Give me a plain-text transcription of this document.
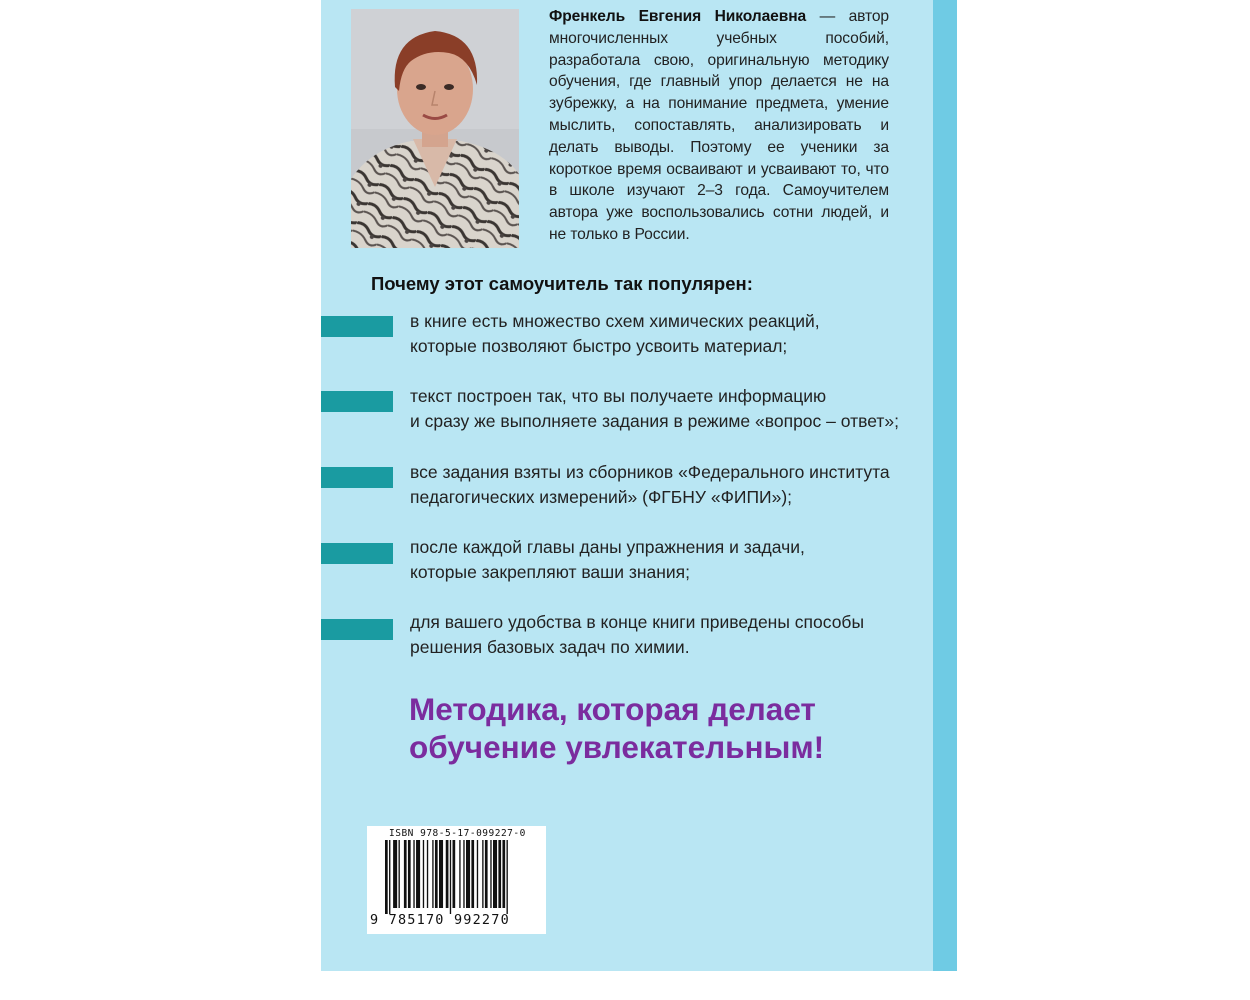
Френкель Евгения Николаевна — автор многочисленных учебных пособий, разработала свою, оригинальную методику обучения, где главный упор делается не на зубрежку, а на понимание предмета, умение мыслить, сопоставлять, анализировать и делать выводы. Поэтому ее ученики за короткое время осваивают и усваивают то, что в школе изучают 2–3 года. Самоучителем автора уже воспользовались сотни людей, и не только в России.
Почему этот самоучитель так популярен:
в книге есть множество схем химических реакций,
которые позволяют быстро усвоить материал;
текст построен так, что вы получаете информацию
и сразу же выполняете задания в режиме «вопрос – ответ»;
все задания взяты из сборников «Федерального института
педагогических измерений» (ФГБНУ «ФИПИ»);
после каждой главы даны упражнения и задачи,
которые закрепляют ваши знания;
для вашего удобства в конце книги приведены способы
решения базовых задач по химии.
Методика, которая делает
обучение увлекательным!
ISBN 978-5-17-099227-0
9 785170 992270
